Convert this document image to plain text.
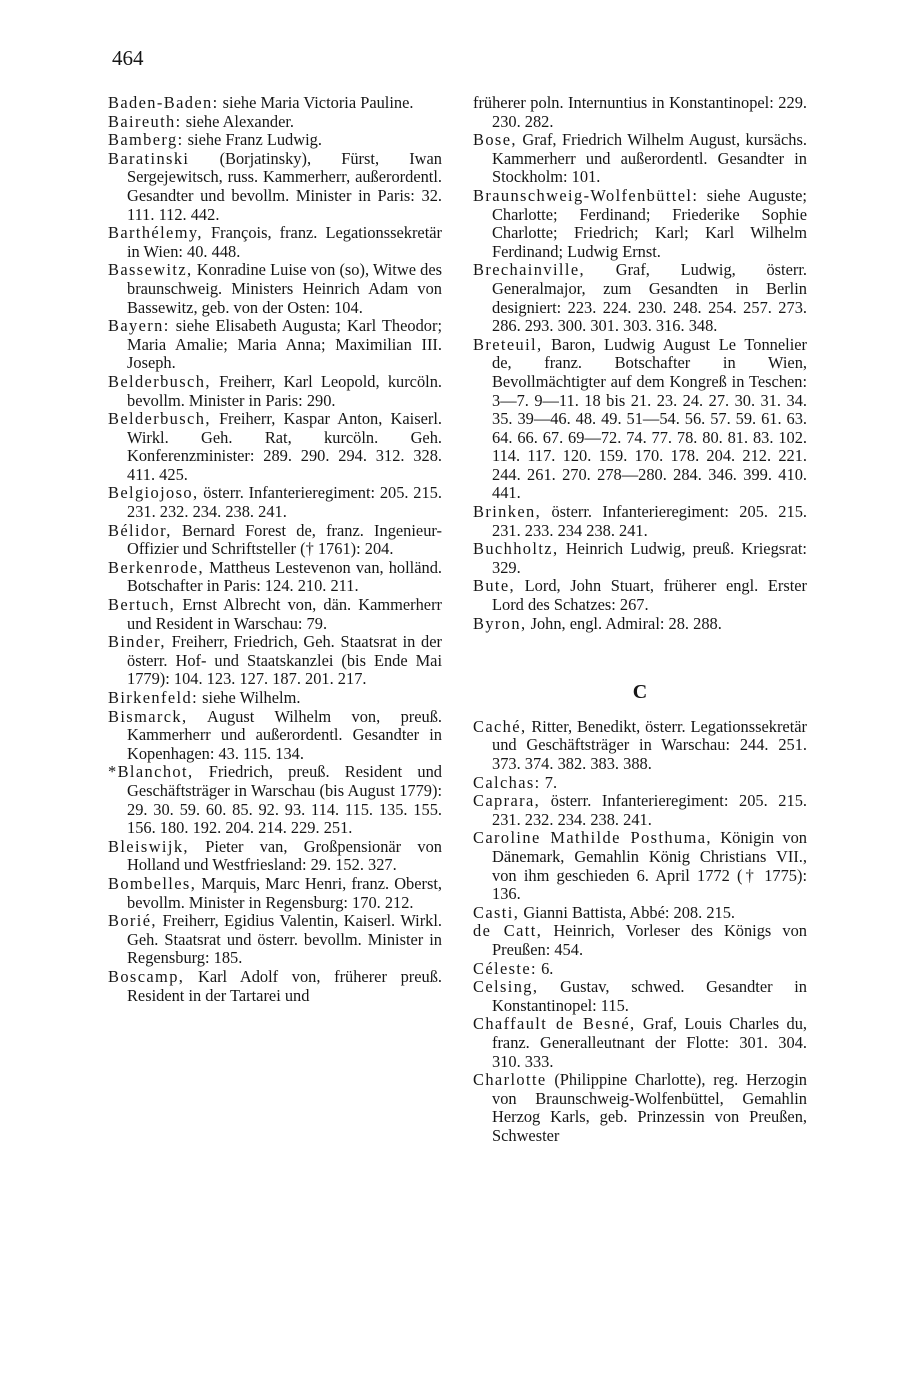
464

Baden-Baden: siehe Maria Victoria Pauline.

Baireuth: siehe Alexander.

Bamberg: siehe Franz Ludwig.

Baratinski (Borjatinsky), Fürst, Iwan Sergejewitsch, russ. Kammerherr, außerordentl. Gesandter und bevollm. Minister in Paris: 32. 111. 112. 442.

Barthélemy, François, franz. Legationssekretär in Wien: 40. 448.

Bassewitz, Konradine Luise von (so), Witwe des braunschweig. Ministers Heinrich Adam von Bassewitz, geb. von der Osten: 104.

Bayern: siehe Elisabeth Augusta; Karl Theodor; Maria Amalie; Maria Anna; Maximilian III. Joseph.

Belderbusch, Freiherr, Karl Leopold, kurcöln. bevollm. Minister in Paris: 290.

Belderbusch, Freiherr, Kaspar Anton, Kaiserl. Wirkl. Geh. Rat, kurcöln. Geh. Konferenzminister: 289. 290. 294. 312. 328. 411. 425.

Belgiojoso, österr. Infanterieregiment: 205. 215. 231. 232. 234. 238. 241.

Bélidor, Bernard Forest de, franz. Ingenieur-Offizier und Schriftsteller († 1761): 204.

Berkenrode, Mattheus Lestevenon van, holländ. Botschafter in Paris: 124. 210. 211.

Bertuch, Ernst Albrecht von, dän. Kammerherr und Resident in Warschau: 79.

Binder, Freiherr, Friedrich, Geh. Staatsrat in der österr. Hof- und Staatskanzlei (bis Ende Mai 1779): 104. 123. 127. 187. 201. 217.

Birkenfeld: siehe Wilhelm.

Bismarck, August Wilhelm von, preuß. Kammerherr und außerordentl. Gesandter in Kopenhagen: 43. 115. 134.

*Blanchot, Friedrich, preuß. Resident und Geschäftsträger in Warschau (bis August 1779): 29. 30. 59. 60. 85. 92. 93. 114. 115. 135. 155. 156. 180. 192. 204. 214. 229. 251.

Bleiswijk, Pieter van, Großpensionär von Holland und Westfriesland: 29. 152. 327.

Bombelles, Marquis, Marc Henri, franz. Oberst, bevollm. Minister in Regensburg: 170. 212.

Borié, Freiherr, Egidius Valentin, Kaiserl. Wirkl. Geh. Staatsrat und österr. bevollm. Minister in Regensburg: 185.

Boscamp, Karl Adolf von, früherer preuß. Resident in der Tartarei und

früherer poln. Internuntius in Konstantinopel: 229. 230. 282.

Bose, Graf, Friedrich Wilhelm August, kursächs. Kammerherr und außerordentl. Gesandter in Stockholm: 101.

Braunschweig-Wolfenbüttel: siehe Auguste; Charlotte; Ferdinand; Friederike Sophie Charlotte; Friedrich; Karl; Karl Wilhelm Ferdinand; Ludwig Ernst.

Brechainville, Graf, Ludwig, österr. Generalmajor, zum Gesandten in Berlin designiert: 223. 224. 230. 248. 254. 257. 273. 286. 293. 300. 301. 303. 316. 348.

Breteuil, Baron, Ludwig August Le Tonnelier de, franz. Botschafter in Wien, Bevollmächtigter auf dem Kongreß in Teschen: 3—7. 9—11. 18 bis 21. 23. 24. 27. 30. 31. 34. 35. 39—46. 48. 49. 51—54. 56. 57. 59. 61. 63. 64. 66. 67. 69—72. 74. 77. 78. 80. 81. 83. 102. 114. 117. 120. 159. 170. 178. 204. 212. 221. 244. 261. 270. 278—280. 284. 346. 399. 410. 441.

Brinken, österr. Infanterieregiment: 205. 215. 231. 233. 234 238. 241.

Buchholtz, Heinrich Ludwig, preuß. Kriegsrat: 329.

Bute, Lord, John Stuart, früherer engl. Erster Lord des Schatzes: 267.

Byron, John, engl. Admiral: 28. 288.

C

Caché, Ritter, Benedikt, österr. Legationssekretär und Geschäftsträger in Warschau: 244. 251. 373. 374. 382. 383. 388.

Calchas: 7.

Caprara, österr. Infanterieregiment: 205. 215. 231. 232. 234. 238. 241.

Caroline Mathilde Posthuma, Königin von Dänemark, Gemahlin König Christians VII., von ihm geschieden 6. April 1772 († 1775): 136.

Casti, Gianni Battista, Abbé: 208. 215.

de Catt, Heinrich, Vorleser des Königs von Preußen: 454.

Céleste: 6.

Celsing, Gustav, schwed. Gesandter in Konstantinopel: 115.

Chaffault de Besné, Graf, Louis Charles du, franz. Generalleutnant der Flotte: 301. 304. 310. 333.

Charlotte (Philippine Charlotte), reg. Herzogin von Braunschweig-Wolfenbüttel, Gemahlin Herzog Karls, geb. Prinzessin von Preußen, Schwester
